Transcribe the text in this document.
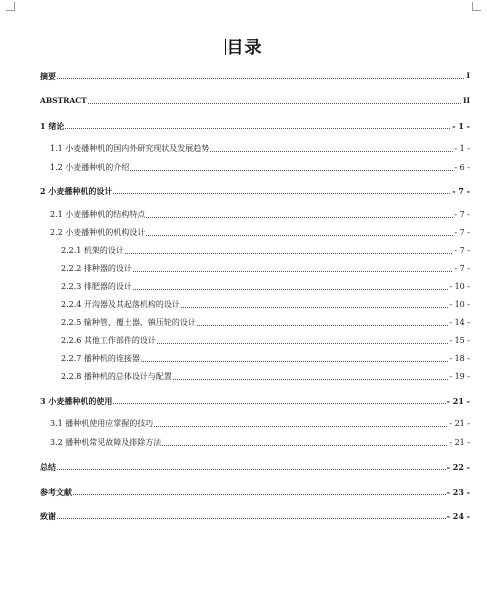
目录
摘要	I
ABSTRACT	II
1 绪论	- 1 -
1.1 小麦播种机的国内外研究现状及发展趋势	- 1 -
1.2 小麦播种机的介绍	- 6 -
2 小麦播种机的设计	- 7 -
2.1 小麦播种机的结构特点	- 7 -
2.2 小麦播种机的机构设计	- 7 -
2.2.1 机架的设计	- 7 -
2.2.2 排种器的设计	- 7 -
2.2.3 排肥器的设计	- 10 -
2.2.4 开沟器及其起落机构的设计	- 10 -
2.2.5 输种管、覆土器、镇压轮的设计	- 14 -
2.2.6 其他工作部件的设计	- 15 -
2.2.7 播种机的连接器	- 18 -
2.2.8 播种机的总体设计与配置	- 19 -
3 小麦播种机的使用	- 21 -
3.1 播种机使用应掌握的技巧	- 21 -
3.2 播种机常见故障及排除方法	- 21 -
总结	- 22 -
参考文献	- 23 -
致谢	- 24 -
